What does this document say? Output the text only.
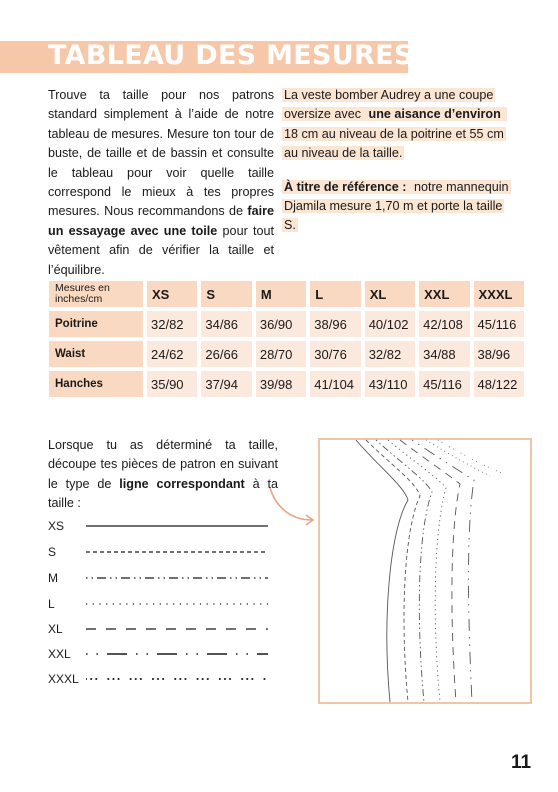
TABLEAU DES MESURES
Trouve ta taille pour nos patrons standard simplement à l’aide de notre tableau de mesures. Mesure ton tour de buste, de taille et de bassin et consulte le tableau pour voir quelle taille correspond le mieux à tes propres mesures. Nous recommandons de faire un essayage avec une toile pour tout vêtement afin de vérifier la taille et l’équilibre.
La veste bomber Audrey a une coupe oversize avec une aisance d’environ 18 cm au niveau de la poitrine et 55 cm au niveau de la taille.
À titre de référence : notre mannequin Djamila mesure 1,70 m et porte la taille S.
Mesures en inches/cm	XS	S	M	L	XL	XXL	XXXL
Poitrine	32/82	34/86	36/90	38/96	40/102	42/108	45/116
Waist	24/62	26/66	28/70	30/76	32/82	34/88	38/96
Hanches	35/90	37/94	39/98	41/104	43/110	45/116	48/122
Lorsque tu as déterminé ta taille, découpe tes pièces de patron en suivant le type de ligne correspondant à ta taille :
XS
S
M
L
XL
XXL
XXXL
11
